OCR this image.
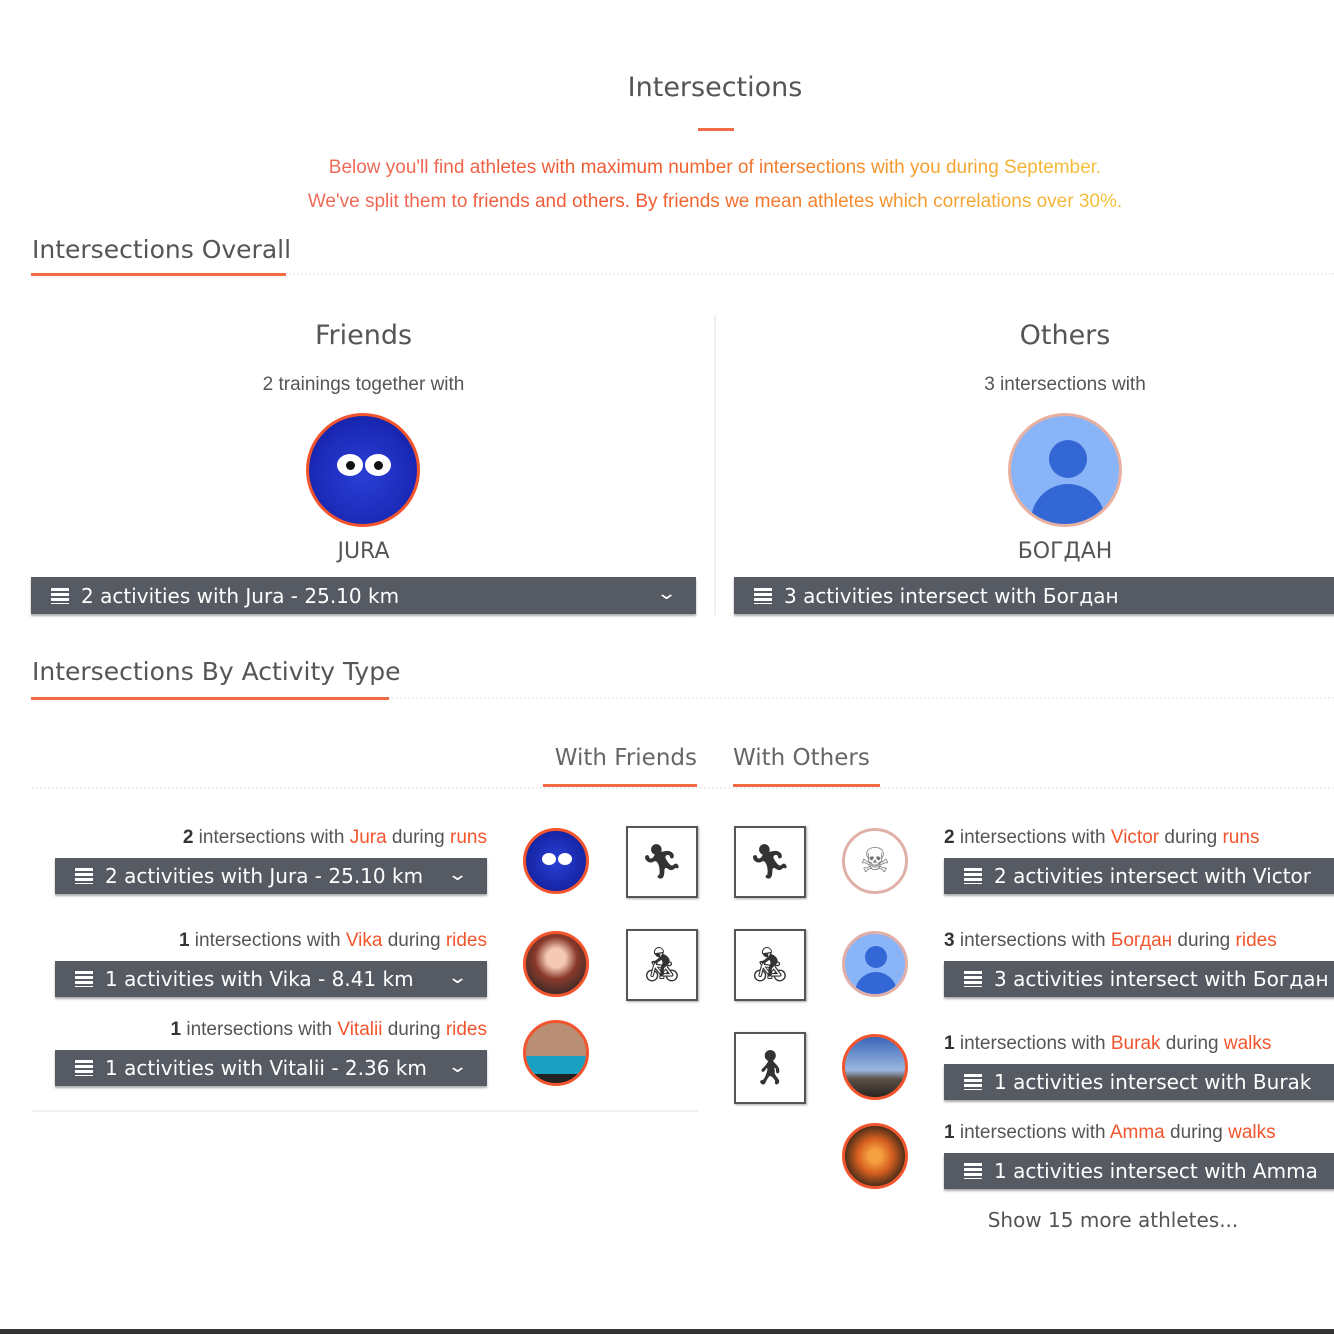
Intersections
Below you'll find athletes with maximum number of intersections with you during September.
We've split them to friends and others. By friends we mean athletes which correlations over 30%.
Intersections Overall
Friends
2 trainings together with
JURA
2 activities with Jura - 25.10 km	⌄
Others
3 intersections with
БОГДАН
3 activities intersect with Богдан
Intersections By Activity Type
With Friends With Others
2 intersections with Jura during runs
2 activities with Jura - 25.10 km ⌄	🏃︎
1 intersections with Vika during rides
1 activities with Vika - 8.41 km ⌄	🚴︎
1 intersections with Vitalii during rides
1 activities with Vitalii - 2.36 km ⌄
🏃︎	☠
2 intersections with Victor during runs
2 activities intersect with Victor
🚴︎
3 intersections with Богдан during rides
3 activities intersect with Богдан
🚶︎
1 intersections with Burak during walks
1 activities intersect with Burak
1 intersections with Amma during walks
1 activities intersect with Amma
Show 15 more athletes...
